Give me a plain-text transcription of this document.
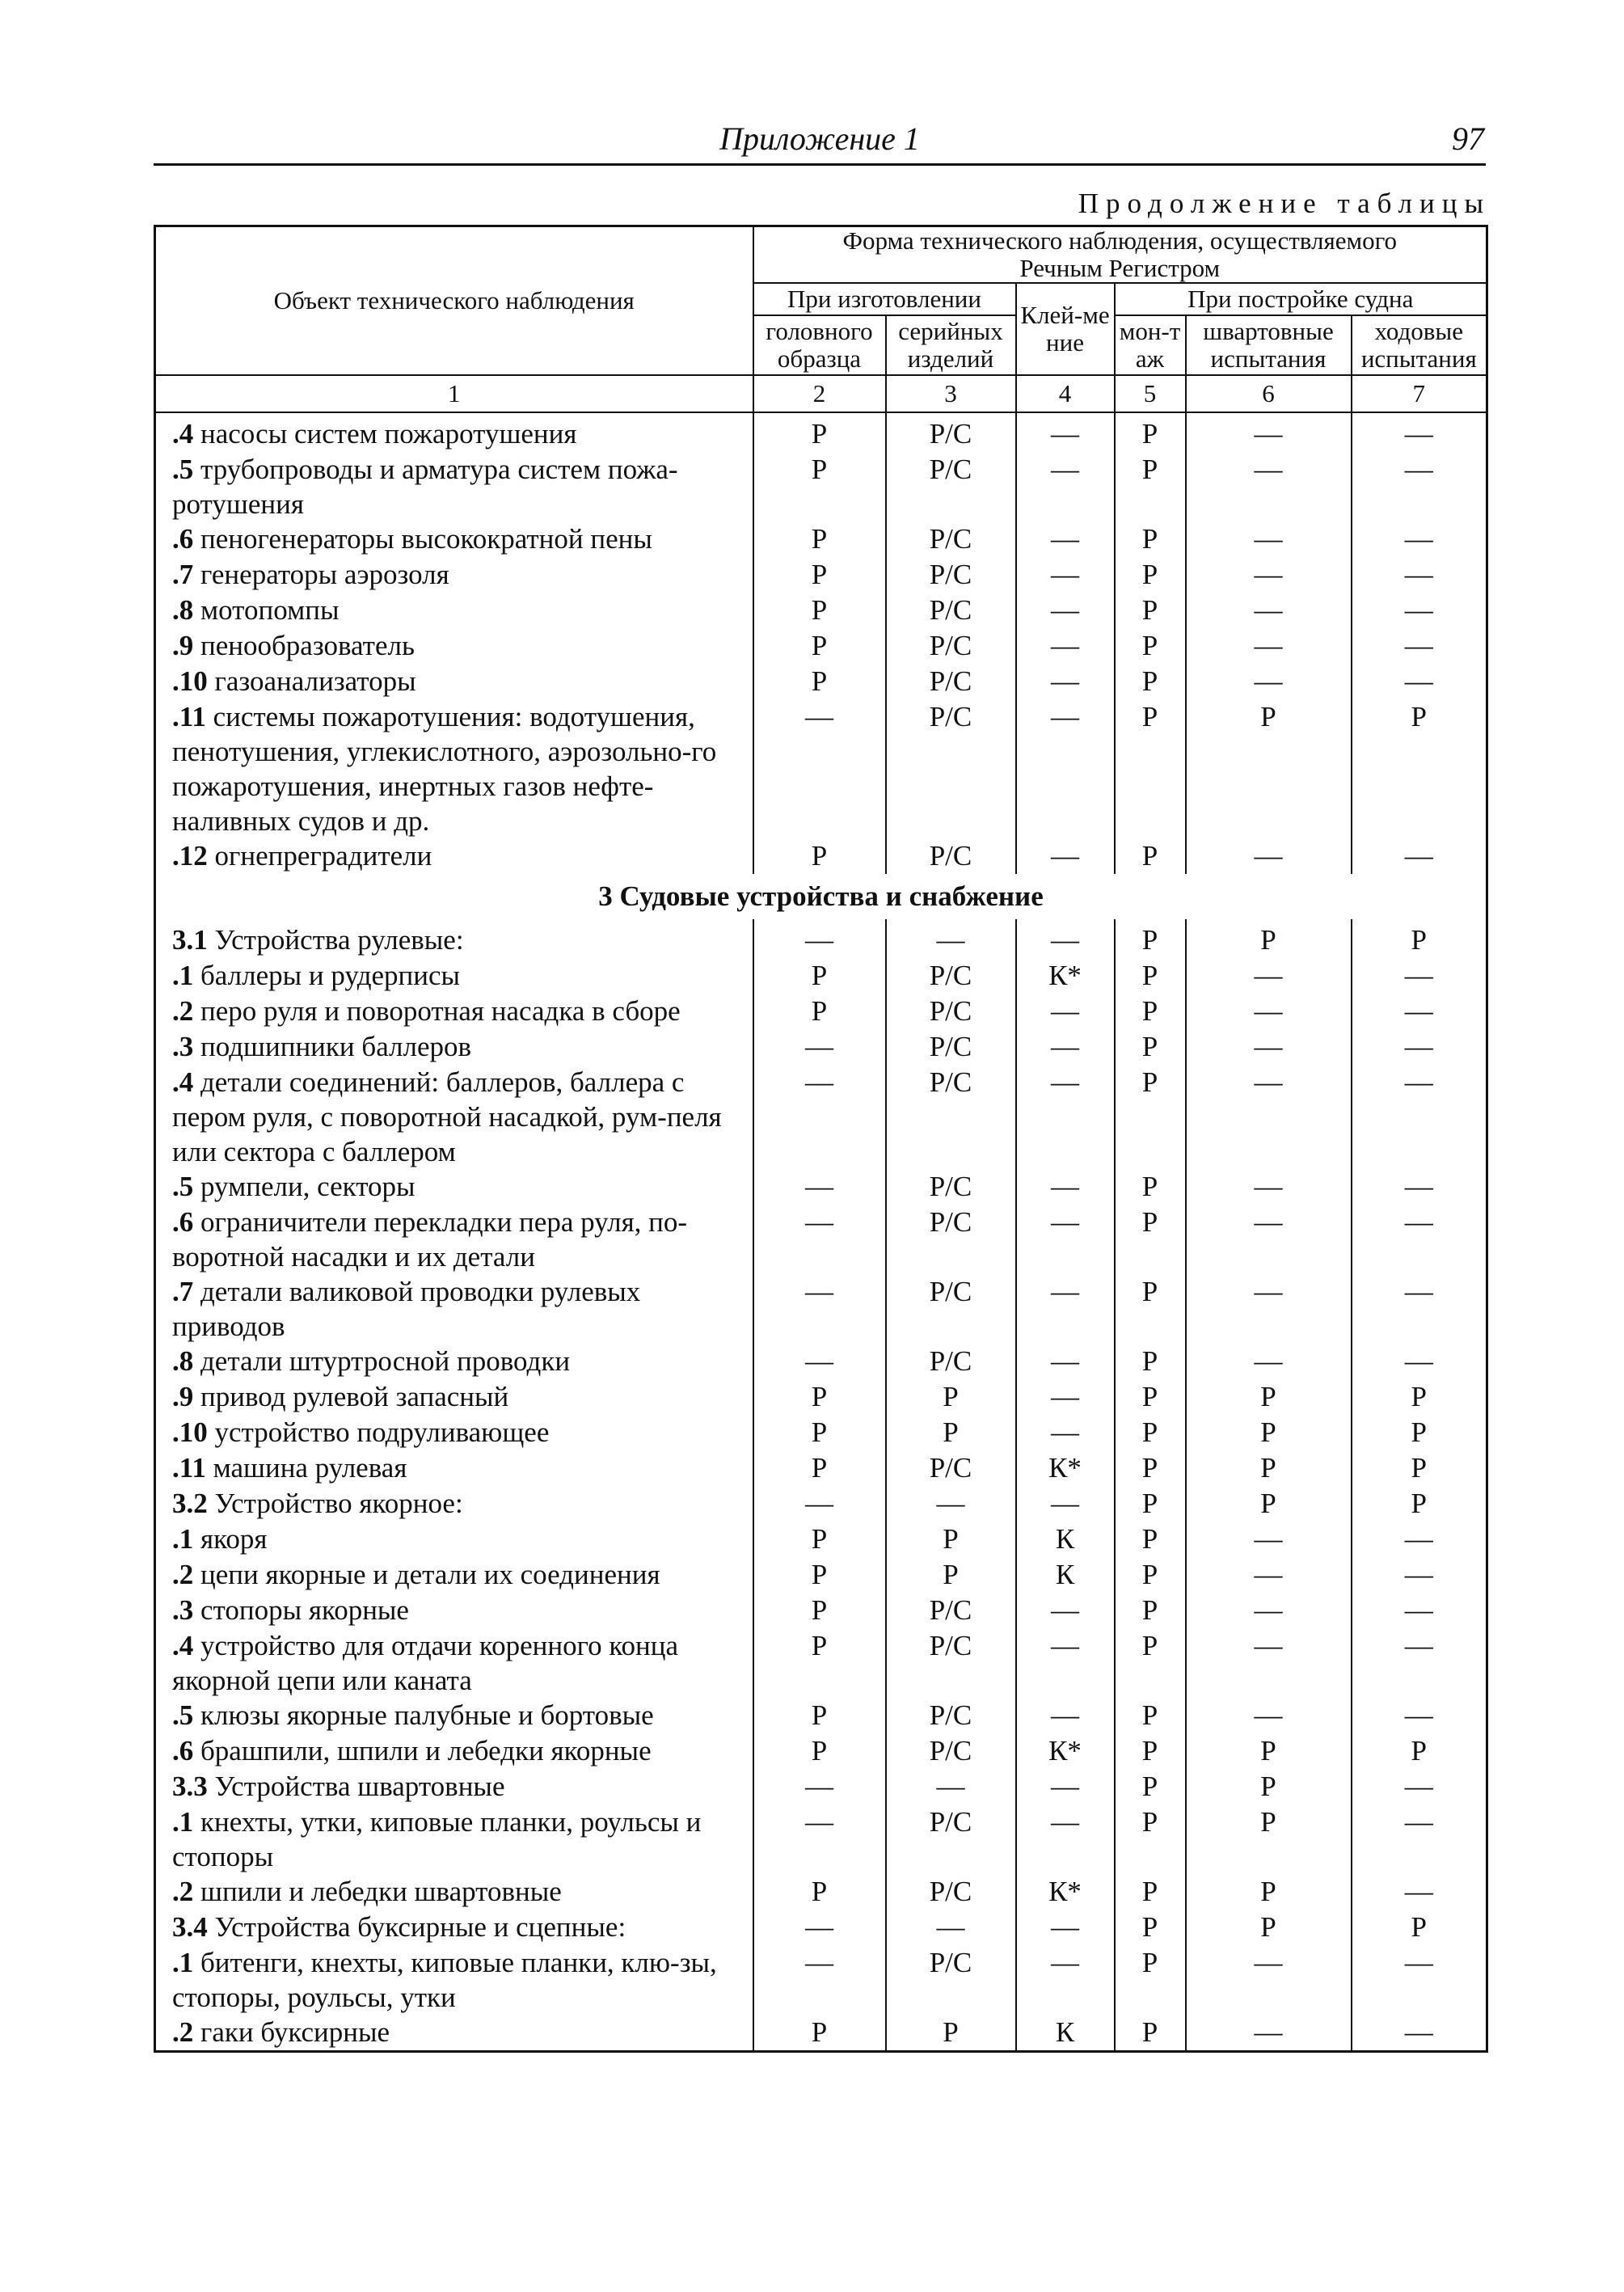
Приложение 1	97
Продолжение таблицы
Объект технического наблюдения	Форма технического наблюдения, осуществляемого Речным Регистром					
	При изготовлении		Клей-мение	При постройке судна		
	головного образца	серийных изделий		мон-таж	швартовные испытания	ходовые испытания
1	2	3	4	5	6	7
.4 насосы систем пожаротушения	Р	Р/С	—	Р	—	—
.5 трубопроводы и арматура систем пожа-ротушения	Р	Р/С	—	Р	—	—
.6 пеногенераторы высокократной пены	Р	Р/С	—	Р	—	—
.7 генераторы аэрозоля	Р	Р/С	—	Р	—	—
.8 мотопомпы	Р	Р/С	—	Р	—	—
.9 пенообразователь	Р	Р/С	—	Р	—	—
.10 газоанализаторы	Р	Р/С	—	Р	—	—
.11 системы пожаротушения: водотушения, пенотушения, углекислотного, аэрозольно-го пожаротушения, инертных газов нефте-наливных судов и др.	—	Р/С	—	Р	Р	Р
.12 огнепреградители	Р	Р/С	—	Р	—	—
3 Судовые устройства и снабжение						
3.1 Устройства рулевые:	—	—	—	Р	Р	Р
.1 баллеры и рудерписы	Р	Р/С	К*	Р	—	—
.2 перо руля и поворотная насадка в сборе	Р	Р/С	—	Р	—	—
.3 подшипники баллеров	—	Р/С	—	Р	—	—
.4 детали соединений: баллеров, баллера с пером руля, с поворотной насадкой, рум-пеля или сектора с баллером	—	Р/С	—	Р	—	—
.5 румпели, секторы	—	Р/С	—	Р	—	—
.6 ограничители перекладки пера руля, по-воротной насадки и их детали	—	Р/С	—	Р	—	—
.7 детали валиковой проводки рулевых приводов	—	Р/С	—	Р	—	—
.8 детали штуртросной проводки	—	Р/С	—	Р	—	—
.9 привод рулевой запасный	Р	Р	—	Р	Р	Р
.10 устройство подруливающее	Р	Р	—	Р	Р	Р
.11 машина рулевая	Р	Р/С	К*	Р	Р	Р
3.2 Устройство якорное:	—	—	—	Р	Р	Р
.1 якоря	Р	Р	К	Р	—	—
.2 цепи якорные и детали их соединения	Р	Р	К	Р	—	—
.3 стопоры якорные	Р	Р/С	—	Р	—	—
.4 устройство для отдачи коренного конца якорной цепи или каната	Р	Р/С	—	Р	—	—
.5 клюзы якорные палубные и бортовые	Р	Р/С	—	Р	—	—
.6 брашпили, шпили и лебедки якорные	Р	Р/С	К*	Р	Р	Р
3.3 Устройства швартовные	—	—	—	Р	Р	—
.1 кнехты, утки, киповые планки, роульсы и стопоры	—	Р/С	—	Р	Р	—
.2 шпили и лебедки швартовные	Р	Р/С	К*	Р	Р	—
3.4 Устройства буксирные и сцепные:	—	—	—	Р	Р	Р
.1 битенги, кнехты, киповые планки, клю-зы, стопоры, роульсы, утки	—	Р/С	—	Р	—	—
.2 гаки буксирные	Р	Р	К	Р	—	—
